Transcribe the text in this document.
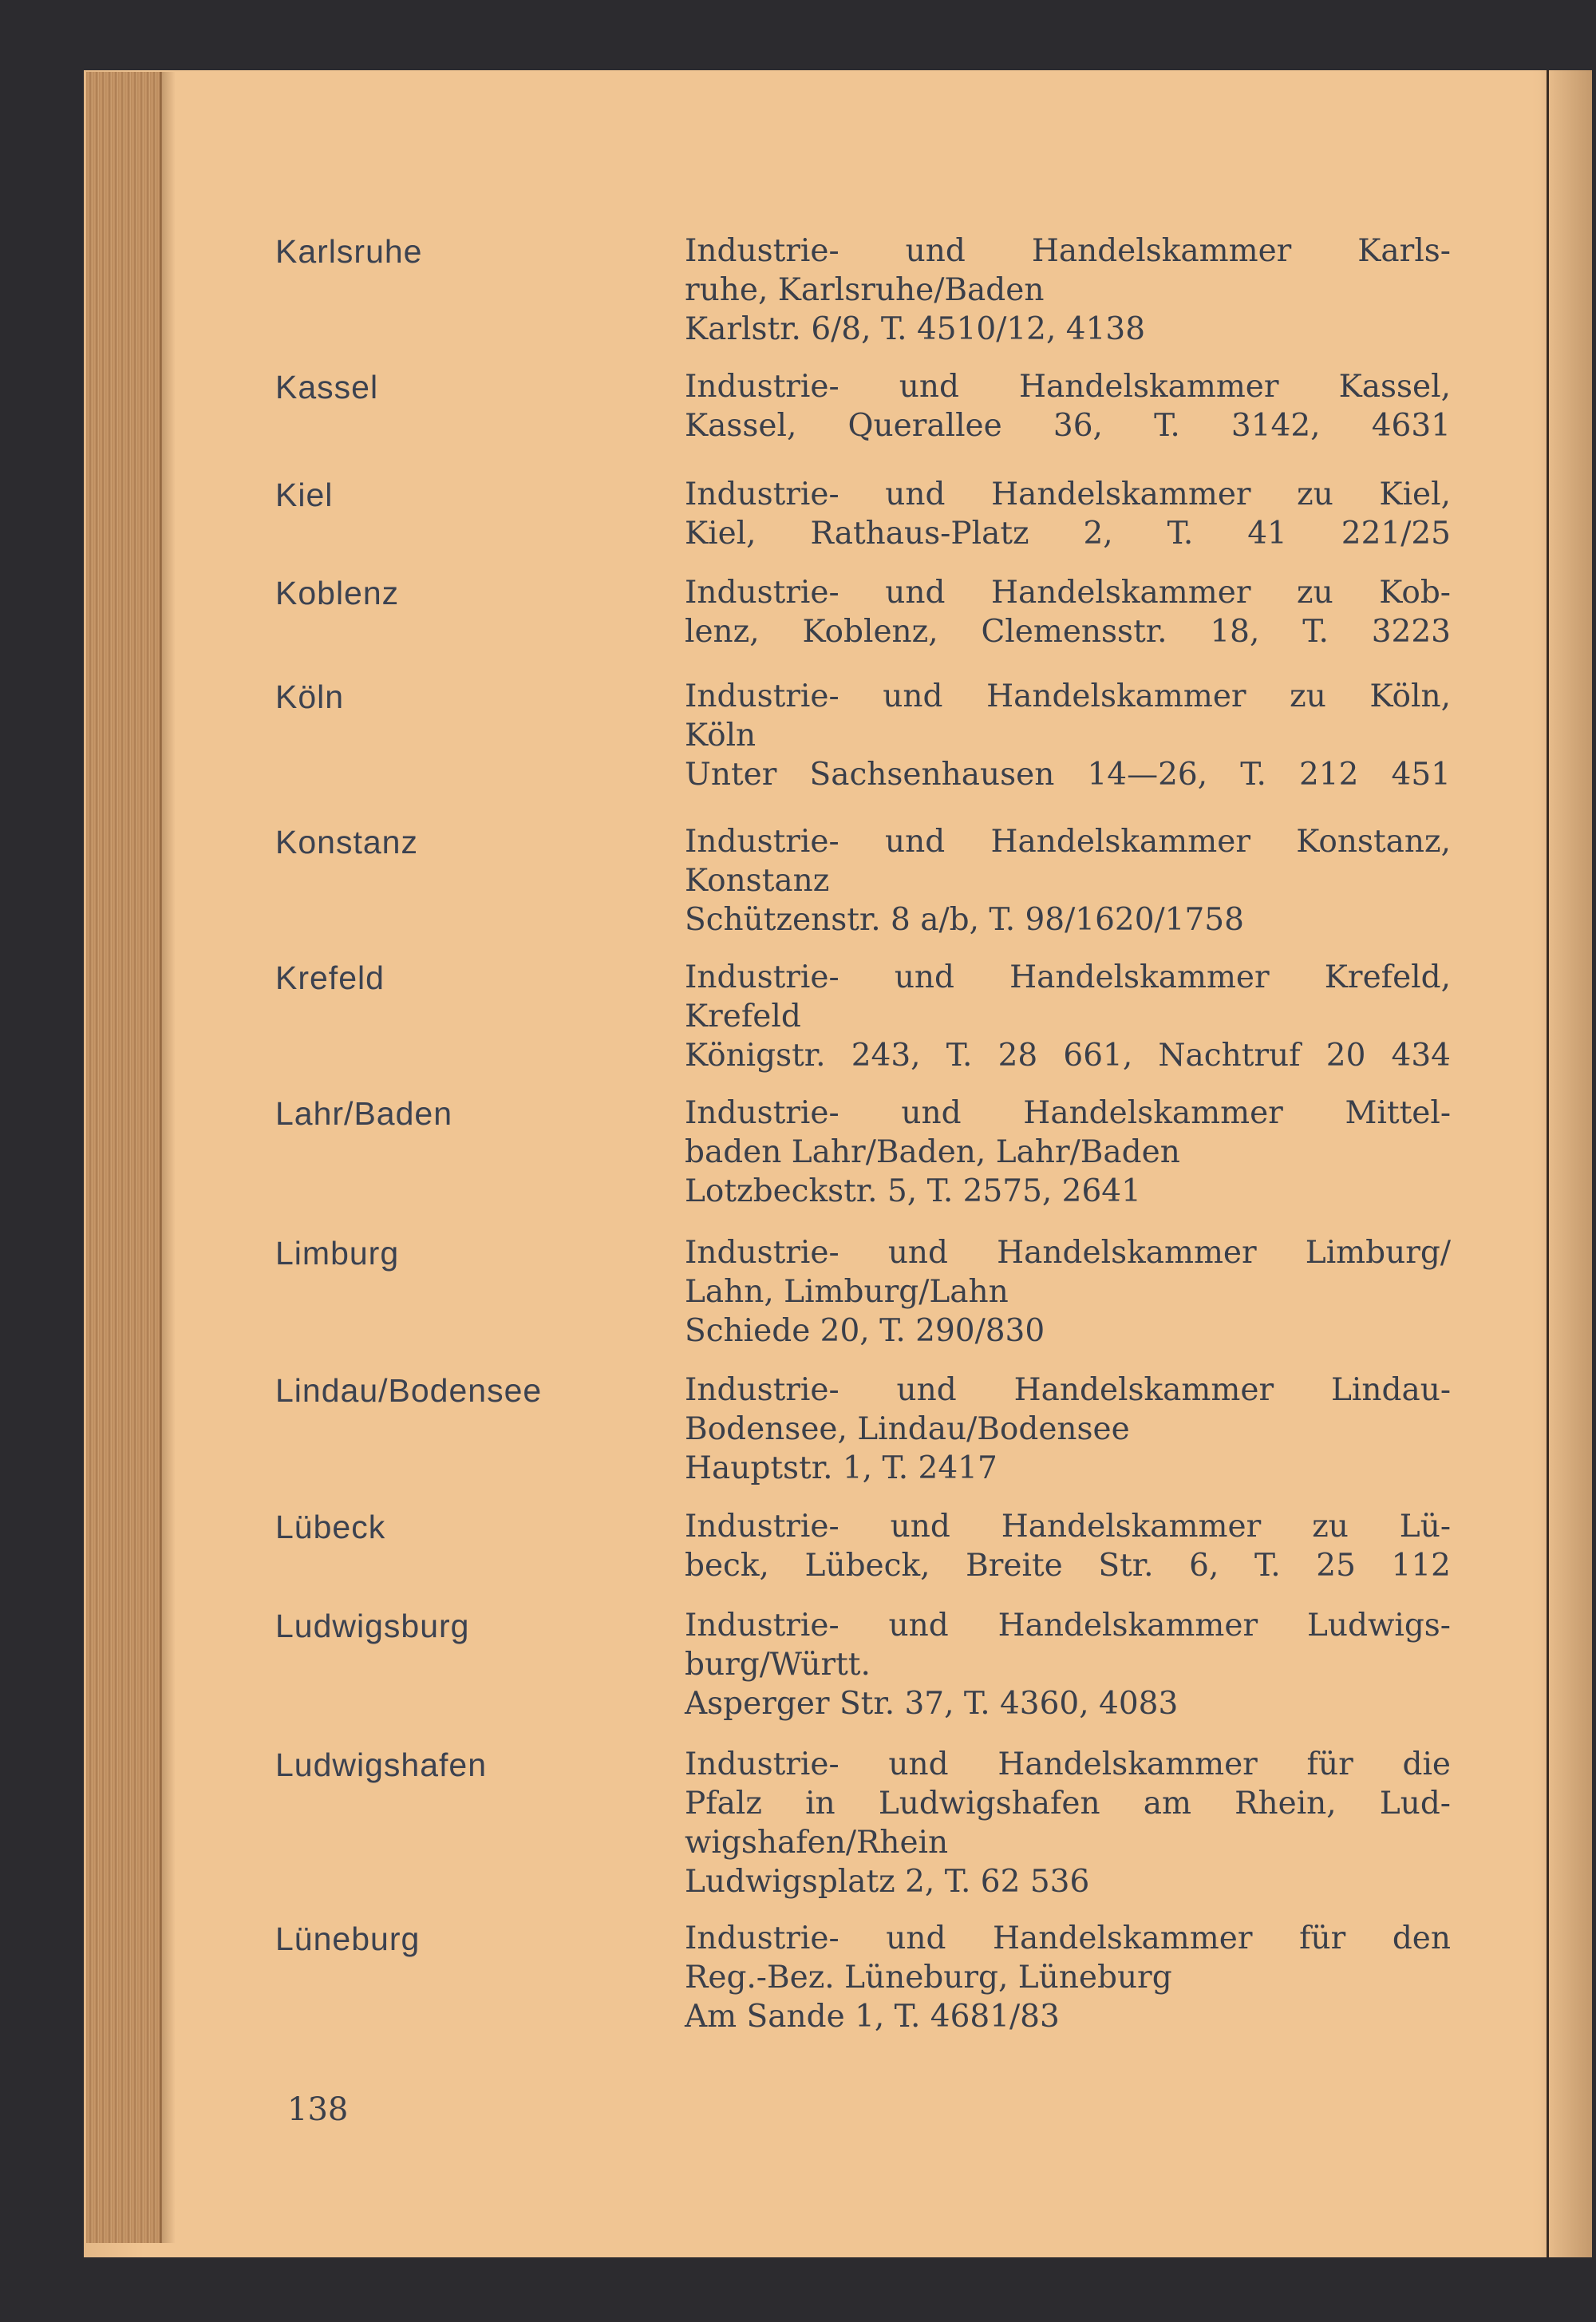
Karlsruhe	Industrie- und Handelskammer Karls-
ruhe, Karlsruhe/Baden
Karlstr. 6/8, T. 4510/12, 4138
Kassel	Industrie- und Handelskammer Kassel,
Kassel, Querallee 36, T. 3142, 4631
Kiel	Industrie- und Handelskammer zu Kiel,
Kiel, Rathaus-Platz 2, T. 41 221/25
Koblenz	Industrie- und Handelskammer zu Kob-
lenz, Koblenz, Clemensstr. 18, T. 3223
Köln	Industrie- und Handelskammer zu Köln,
Köln
Unter Sachsenhausen 14—26, T. 212 451
Konstanz	Industrie- und Handelskammer Konstanz,
Konstanz
Schützenstr. 8 a/b, T. 98/1620/1758
Krefeld	Industrie- und Handelskammer Krefeld,
Krefeld
Königstr. 243, T. 28 661, Nachtruf 20 434
Lahr/Baden	Industrie- und Handelskammer Mittel-
baden Lahr/Baden, Lahr/Baden
Lotzbeckstr. 5, T. 2575, 2641
Limburg	Industrie- und Handelskammer Limburg/
Lahn, Limburg/Lahn
Schiede 20, T. 290/830
Lindau/Bodensee	Industrie- und Handelskammer Lindau-
Bodensee, Lindau/Bodensee
Hauptstr. 1, T. 2417
Lübeck	Industrie- und Handelskammer zu Lü-
beck, Lübeck, Breite Str. 6, T. 25 112
Ludwigsburg	Industrie- und Handelskammer Ludwigs-
burg/Württ.
Asperger Str. 37, T. 4360, 4083
Ludwigshafen	Industrie- und Handelskammer für die
Pfalz in Ludwigshafen am Rhein, Lud-
wigshafen/Rhein
Ludwigsplatz 2, T. 62 536
Lüneburg	Industrie- und Handelskammer für den
Reg.-Bez. Lüneburg, Lüneburg
Am Sande 1, T. 4681/83
138
